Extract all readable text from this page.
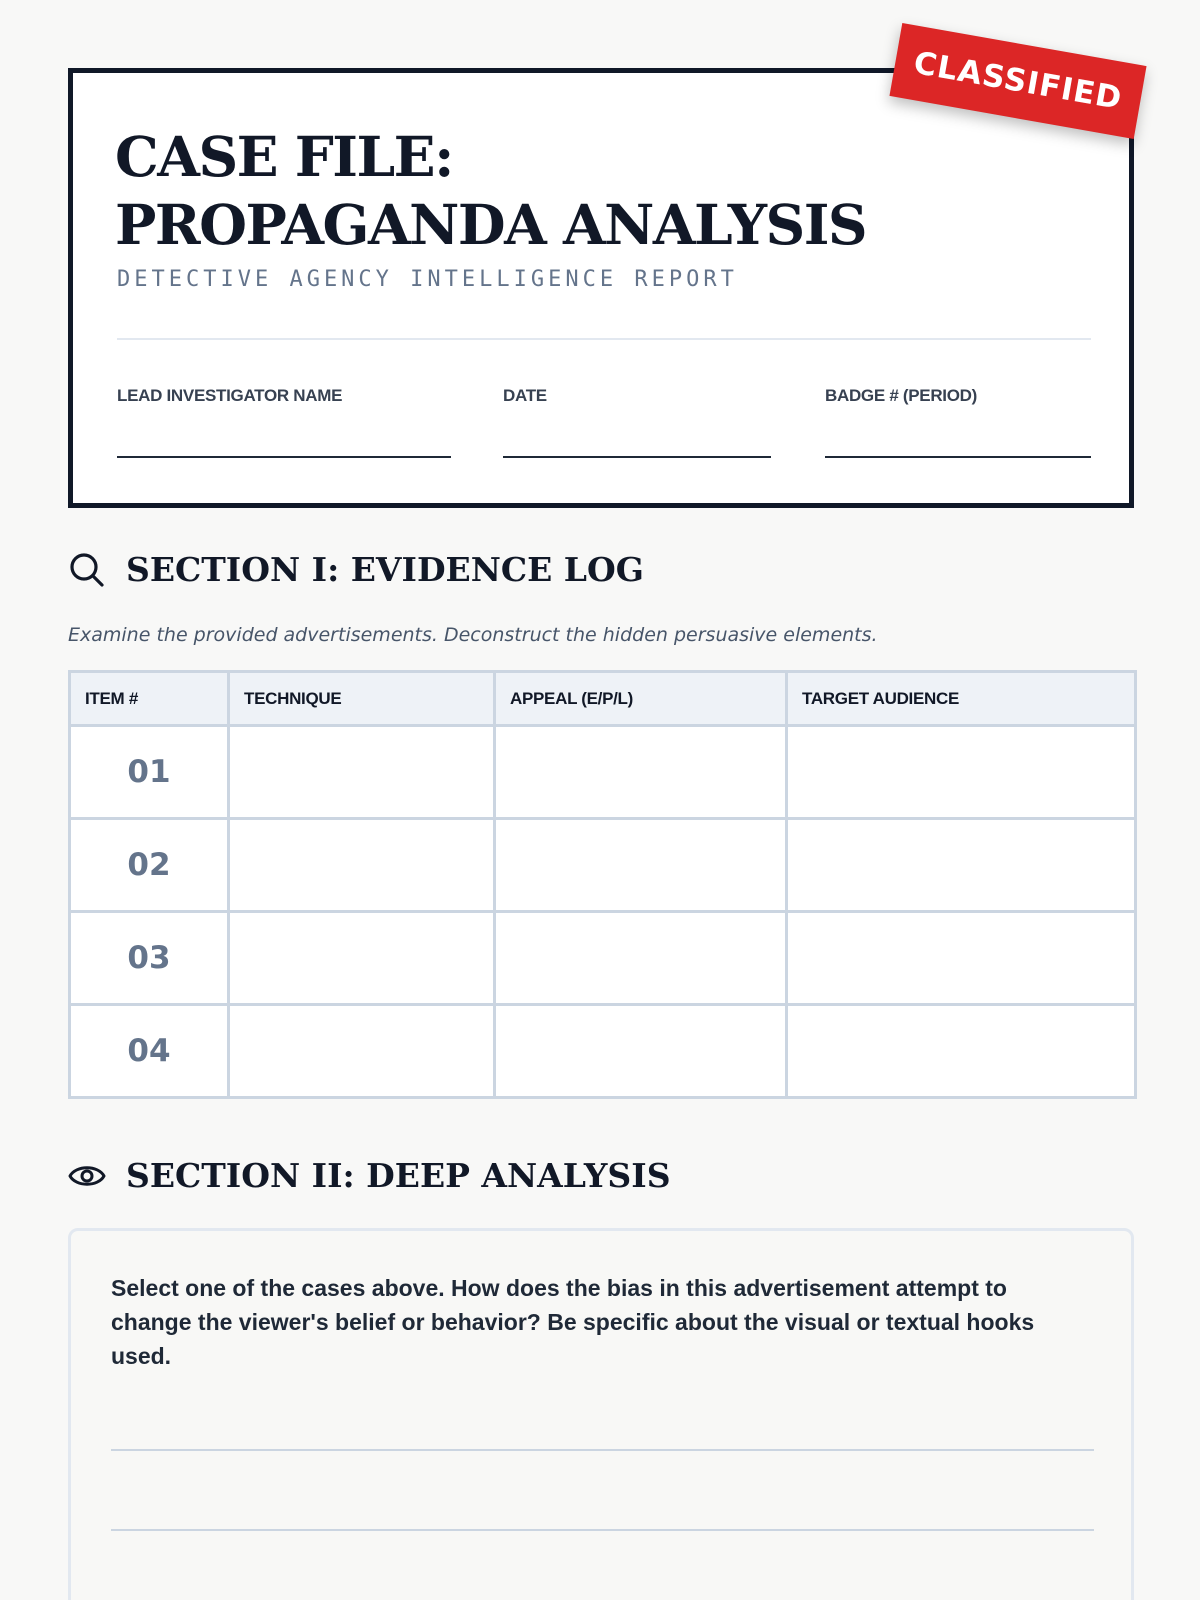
CASE FILE: PROPAGANDA ANALYSIS
DETECTIVE AGENCY INTELLIGENCE REPORT
LEAD INVESTIGATOR NAME	DATE	BADGE # (PERIOD)
CLASSIFIED
SECTION I: EVIDENCE LOG
Examine the provided advertisements. Deconstruct the hidden persuasive elements.
ITEM #	TECHNIQUE	APPEAL (E/P/L)	TARGET AUDIENCE
01			
02			
03			
04			
SECTION II: DEEP ANALYSIS

Select one of the cases above. How does the bias in this advertisement attempt to change the viewer's belief or behavior? Be specific about the visual or textual hooks used.
